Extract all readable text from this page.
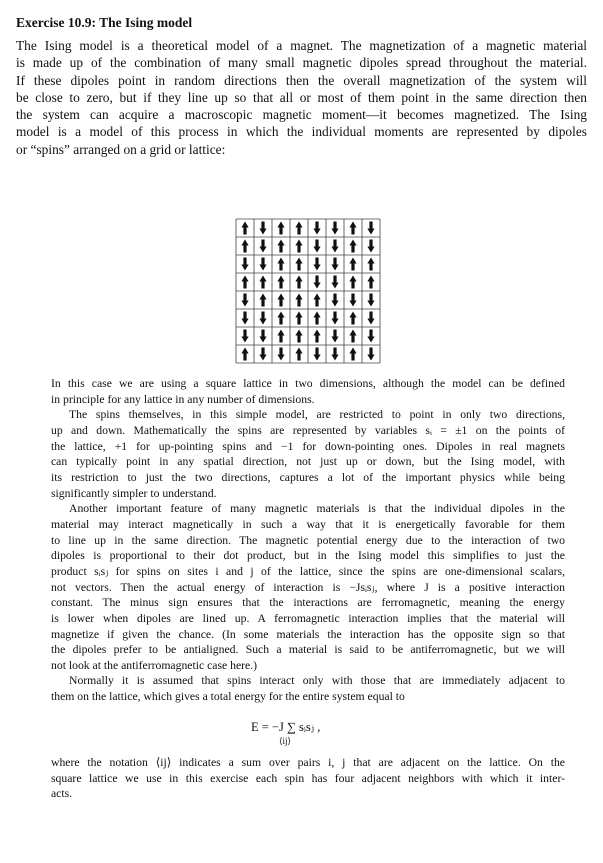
Exercise 10.9: The Ising model

The Ising model is a theoretical model of a magnet. The magnetization of a magnetic material
is made up of the combination of many small magnetic dipoles spread throughout the material.
If these dipoles point in random directions then the overall magnetization of the system will
be close to zero, but if they line up so that all or most of them point in the same direction then
the system can acquire a macroscopic magnetic moment—it becomes magnetized. The Ising
model is a model of this process in which the individual moments are represented by dipoles
or “spins” arranged on a grid or lattice:

In this case we are using a square lattice in two dimensions, although the model can be defined
in principle for any lattice in any number of dimensions.
The spins themselves, in this simple model, are restricted to point in only two directions,
up and down. Mathematically the spins are represented by variables sᵢ = ±1 on the points of
the lattice, +1 for up-pointing spins and −1 for down-pointing ones. Dipoles in real magnets
can typically point in any spatial direction, not just up or down, but the Ising model, with
its restriction to just the two directions, captures a lot of the important physics while being
significantly simpler to understand.
Another important feature of many magnetic materials is that the individual dipoles in the
material may interact magnetically in such a way that it is energetically favorable for them
to line up in the same direction. The magnetic potential energy due to the interaction of two
dipoles is proportional to their dot product, but in the Ising model this simplifies to just the
product sᵢsⱼ for spins on sites i and j of the lattice, since the spins are one-dimensional scalars,
not vectors. Then the actual energy of interaction is −Jsᵢsⱼ, where J is a positive interaction
constant. The minus sign ensures that the interactions are ferromagnetic, meaning the energy
is lower when dipoles are lined up. A ferromagnetic interaction implies that the material will
magnetize if given the chance. (In some materials the interaction has the opposite sign so that
the dipoles prefer to be antialigned. Such a material is said to be antiferromagnetic, but we will
not look at the antiferromagnetic case here.)
Normally it is assumed that spins interact only with those that are immediately adjacent to
them on the lattice, which gives a total energy for the entire system equal to

E = −J ∑ sᵢsⱼ ,
⟨ij⟩

where the notation ⟨ij⟩ indicates a sum over pairs i, j that are adjacent on the lattice. On the
square lattice we use in this exercise each spin has four adjacent neighbors with which it inter-
acts.
